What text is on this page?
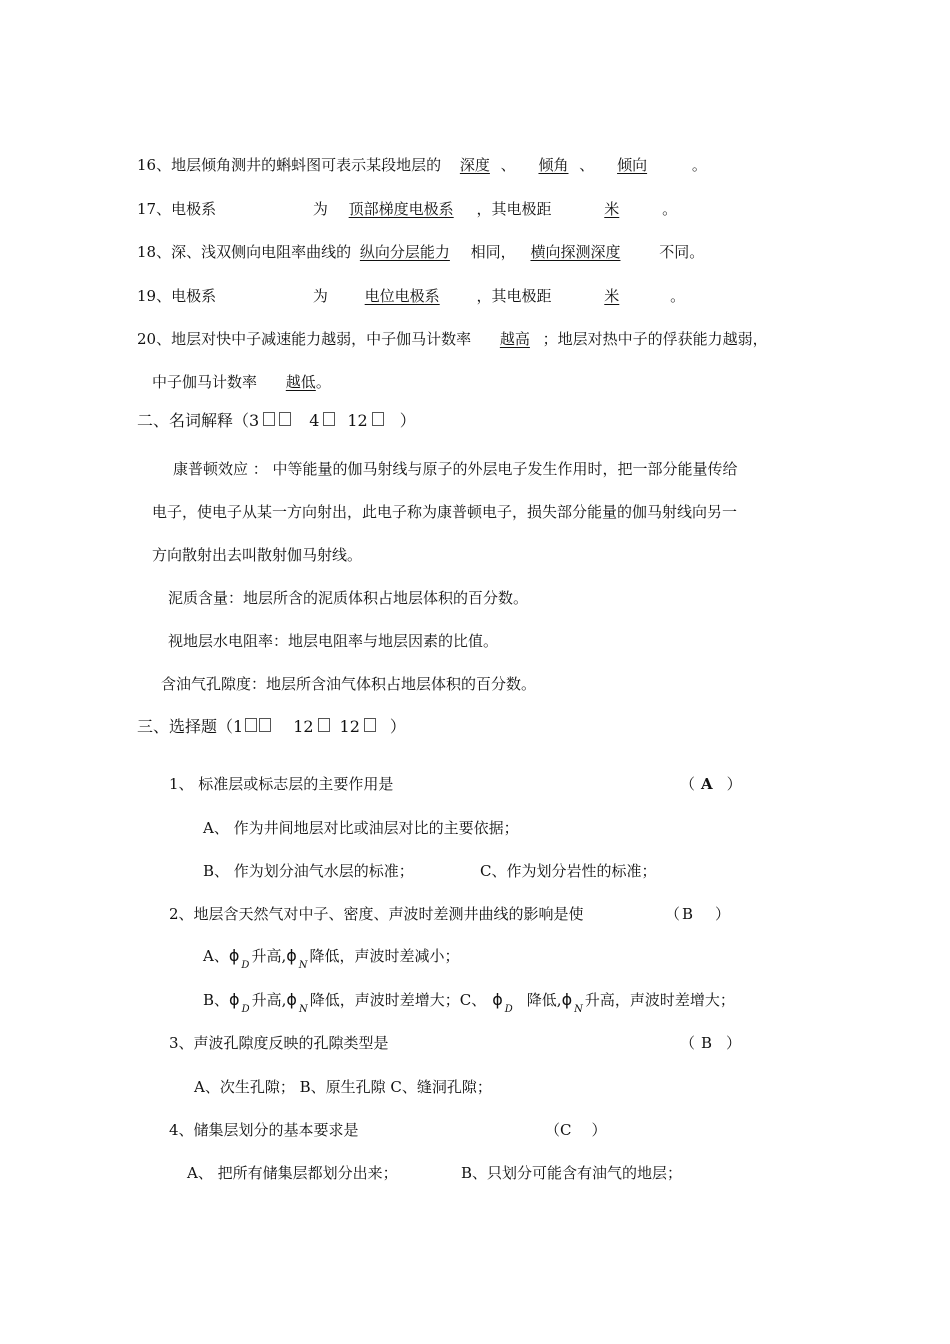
16、地层倾角测井的蝌蚪图可表示某段地层的 深度 、 倾角 、 倾向	。
17、电极系	为 顶部梯度电极系 ，其电极距	米	。
18、深、浅双侧向电阻率曲线的 纵向分层能力 相同， 横向探测深度	不同。
19、电极系	为 电位电极系 ，其电极距	米	。
20、地层对快中子减速能力越弱，中子伽马计数率 越高 ；地层对热中子的俘获能力越弱，
中子伽马计数率 越低。
二、名词解释（3	4 12 ）
康普顿效应 ： 中等能量的伽马射线与原子的外层电子发生作用时，把一部分能量传给
电子，使电子从某一方向射出，此电子称为康普顿电子，损失部分能量的伽马射线向另一
方向散射出去叫散射伽马射线。
泥质含量：地层所含的泥质体积占地层体积的百分数。
视地层水电阻率：地层电阻率与地层因素的比值。
含油气孔隙度：地层所含油气体积占地层体积的百分数。
三、选择题（1	12 12 ）
1、 标准层或标志层的主要作用是	（ A ）
A、 作为井间地层对比或油层对比的主要依据；
B、 作为划分油气水层的标准；	C、作为划分岩性的标准；
2、地层含天然气对中子、密度、声波时差测井曲线的影响是使	（ B ）
A、$\phi_D$升高$,\phi_N$降低，声波时差减小；
B、$\phi_D$升高$,\phi_N$降低，声波时差增大；C、 $\phi_D$降低$,\phi_N$升高，声波时差增大；
3、声波孔隙度反映的孔隙类型是	（ B ）
A、次生孔隙； B、原生孔隙 C、缝洞孔隙；
4、储集层划分的基本要求是	（C ）
A、 把所有储集层都划分出来；	B、只划分可能含有油气的地层；
